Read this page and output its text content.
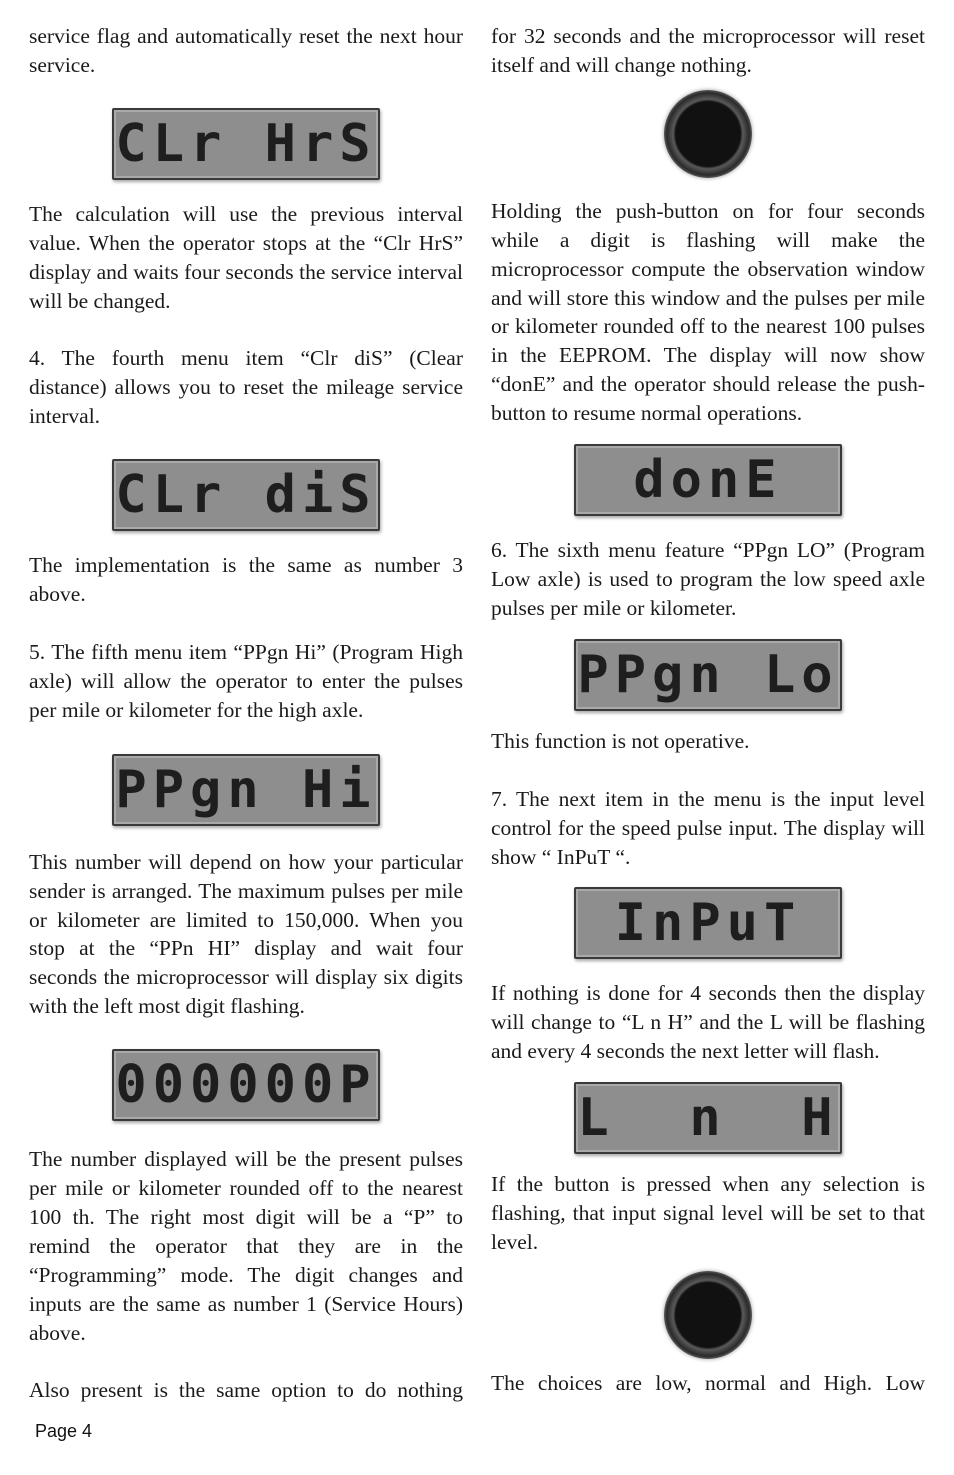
service flag and automatically reset the next hour service.

CLr HrS

The calculation will use the previous interval value. When the operator stops at the “Clr HrS” display and waits four seconds the service interval will be changed.

4. The fourth menu item “Clr diS” (Clear distance) allows you to reset the mileage service interval.

CLr diS

The implementation is the same as number 3 above.

5. The fifth menu item “PPgn Hi” (Program High axle) will allow the operator to enter the pulses per mile or kilometer for the high axle.

PPgn Hi

This number will depend on how your particular sender is arranged. The maximum pulses per mile or kilometer are limited to 150,000. When you stop at the “PPn HI” display and wait four seconds the microprocessor will display six digits with the left most digit flashing.

000000P

The number displayed will be the present pulses per mile or kilometer rounded off to the nearest 100 th. The right most digit will be a “P” to remind the operator that they are in the “Programming” mode. The digit changes and inputs are the same as number 1 (Service Hours) above.

Also present is the same option to do nothing

for 32 seconds and the microprocessor will reset itself and will change nothing.

Holding the push-button on for four seconds while a digit is flashing will make the microprocessor compute the observation window and will store this window and the pulses per mile or kilometer rounded off to the nearest 100 pulses in the EEPROM. The display will now show “donE” and the operator should release the push-button to resume normal operations.

donE

6. The sixth menu feature “PPgn LO” (Program Low axle) is used to program the low speed axle pulses per mile or kilometer.

PPgn Lo

This function is not operative.

7. The next item in the menu is the input level control for the speed pulse input. The display will show “ InPuT “.

InPuT

If nothing is done for 4 seconds then the display will change to “L n H” and the L will be flashing and every 4 seconds the next letter will flash.

L  n  H

If the button is pressed when any selection is flashing, that input signal level will be set to that level.

The choices are low, normal and High. Low

Page 4
